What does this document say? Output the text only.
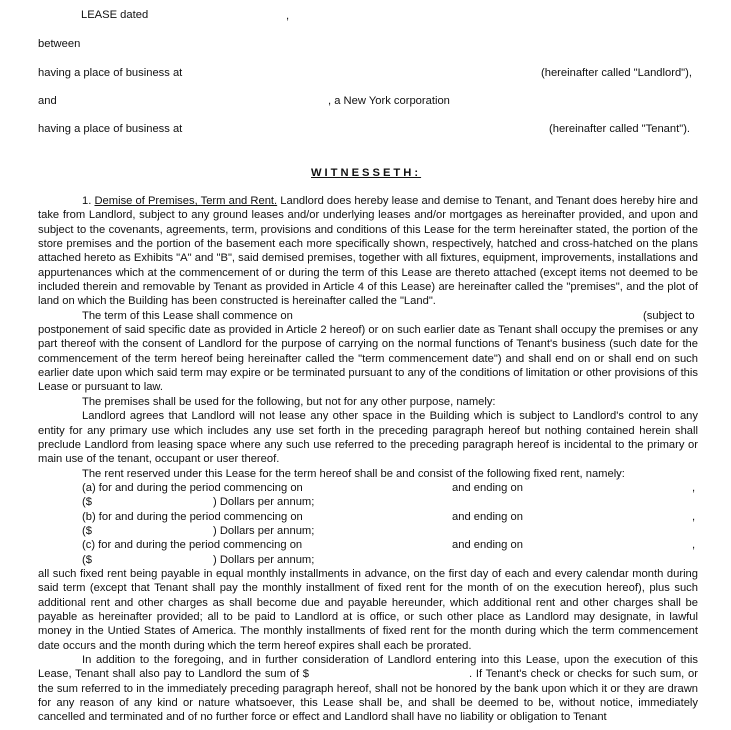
LEASE dated	,
between
having a place of business at	(hereinafter called "Landlord"),
and	, a New York corporation
having a place of business at	(hereinafter called "Tenant").
WITNESSETH:

1. Demise of Premises, Term and Rent. Landlord does hereby lease and demise to Tenant, and Tenant does hereby hire and take from Landlord, subject to any ground leases and/or underlying leases and/or mortgages as hereinafter provided, and upon and subject to the covenants, agreements, term, provisions and conditions of this Lease for the term hereinafter stated, the portion of the store premises and the portion of the basement each more specifically shown, respectively, hatched and cross-hatched on the plans attached hereto as Exhibits "A" and "B", said demised premises, together with all fixtures, equipment, improvements, installations and appurtenances which at the commencement of or during the term of this Lease are thereto attached (except items not deemed to be included therein and removable by Tenant as provided in Article 4 of this Lease) are hereinafter called the "premises", and the plot of land on which the Building has been constructed is hereinafter called the "Land".

The term of this Lease shall commence on	(subject to

postponement of said specific date as provided in Article 2 hereof) or on such earlier date as Tenant shall occupy the premises or any part thereof with the consent of Landlord for the purpose of carrying on the normal functions of Tenant's business (such date for the commencement of the term hereof being hereinafter called the "term commencement date") and shall end on or shall end on such earlier date upon which said term may expire or be terminated pursuant to any of the conditions of limitation or other provisions of this Lease or pursuant to law.

The premises shall be used for the following, but not for any other purpose, namely:

Landlord agrees that Landlord will not lease any other space in the Building which is subject to Landlord's control to any entity for any primary use which includes any use set forth in the preceding paragraph hereof but nothing contained herein shall preclude Landlord from leasing space where any such use referred to the preceding paragraph hereof is incidental to the primary or main use of the tenant, occupant or user thereof.

The rent reserved under this Lease for the term hereof shall be and consist of the following fixed rent, namely:

(a) for and during the period commencing on	and ending on	,
($	) Dollars per annum;
(b) for and during the period commencing on	and ending on	,
($	) Dollars per annum;
(c) for and during the period commencing on	and ending on	,
($	) Dollars per annum;

all such fixed rent being payable in equal monthly installments in advance, on the first day of each and every calendar month during said term (except that Tenant shall pay the monthly installment of fixed rent for the month of on the execution hereof), plus such additional rent and other charges as shall become due and payable hereunder, which additional rent and other charges shall be payable as hereinafter provided; all to be paid to Landlord at is office, or such other place as Landlord may designate, in lawful money in the Untied States of America. The monthly installments of fixed rent for the month during which the term commencement date occurs and the month during which the term hereof expires shall each be prorated.

In addition to the foregoing, and in further consideration of Landlord entering into this Lease, upon the execution of this Lease, Tenant shall also pay to Landlord the sum of $	. If Tenant's check or checks for such sum, or the sum referred to in the immediately preceding paragraph hereof, shall not be honored by the bank upon which it or they are drawn for any reason of any kind or nature whatsoever, this Lease shall be, and shall be deemed to be, without notice, immediately cancelled and terminated and of no further force or effect and Landlord shall have no liability or obligation to Tenant
